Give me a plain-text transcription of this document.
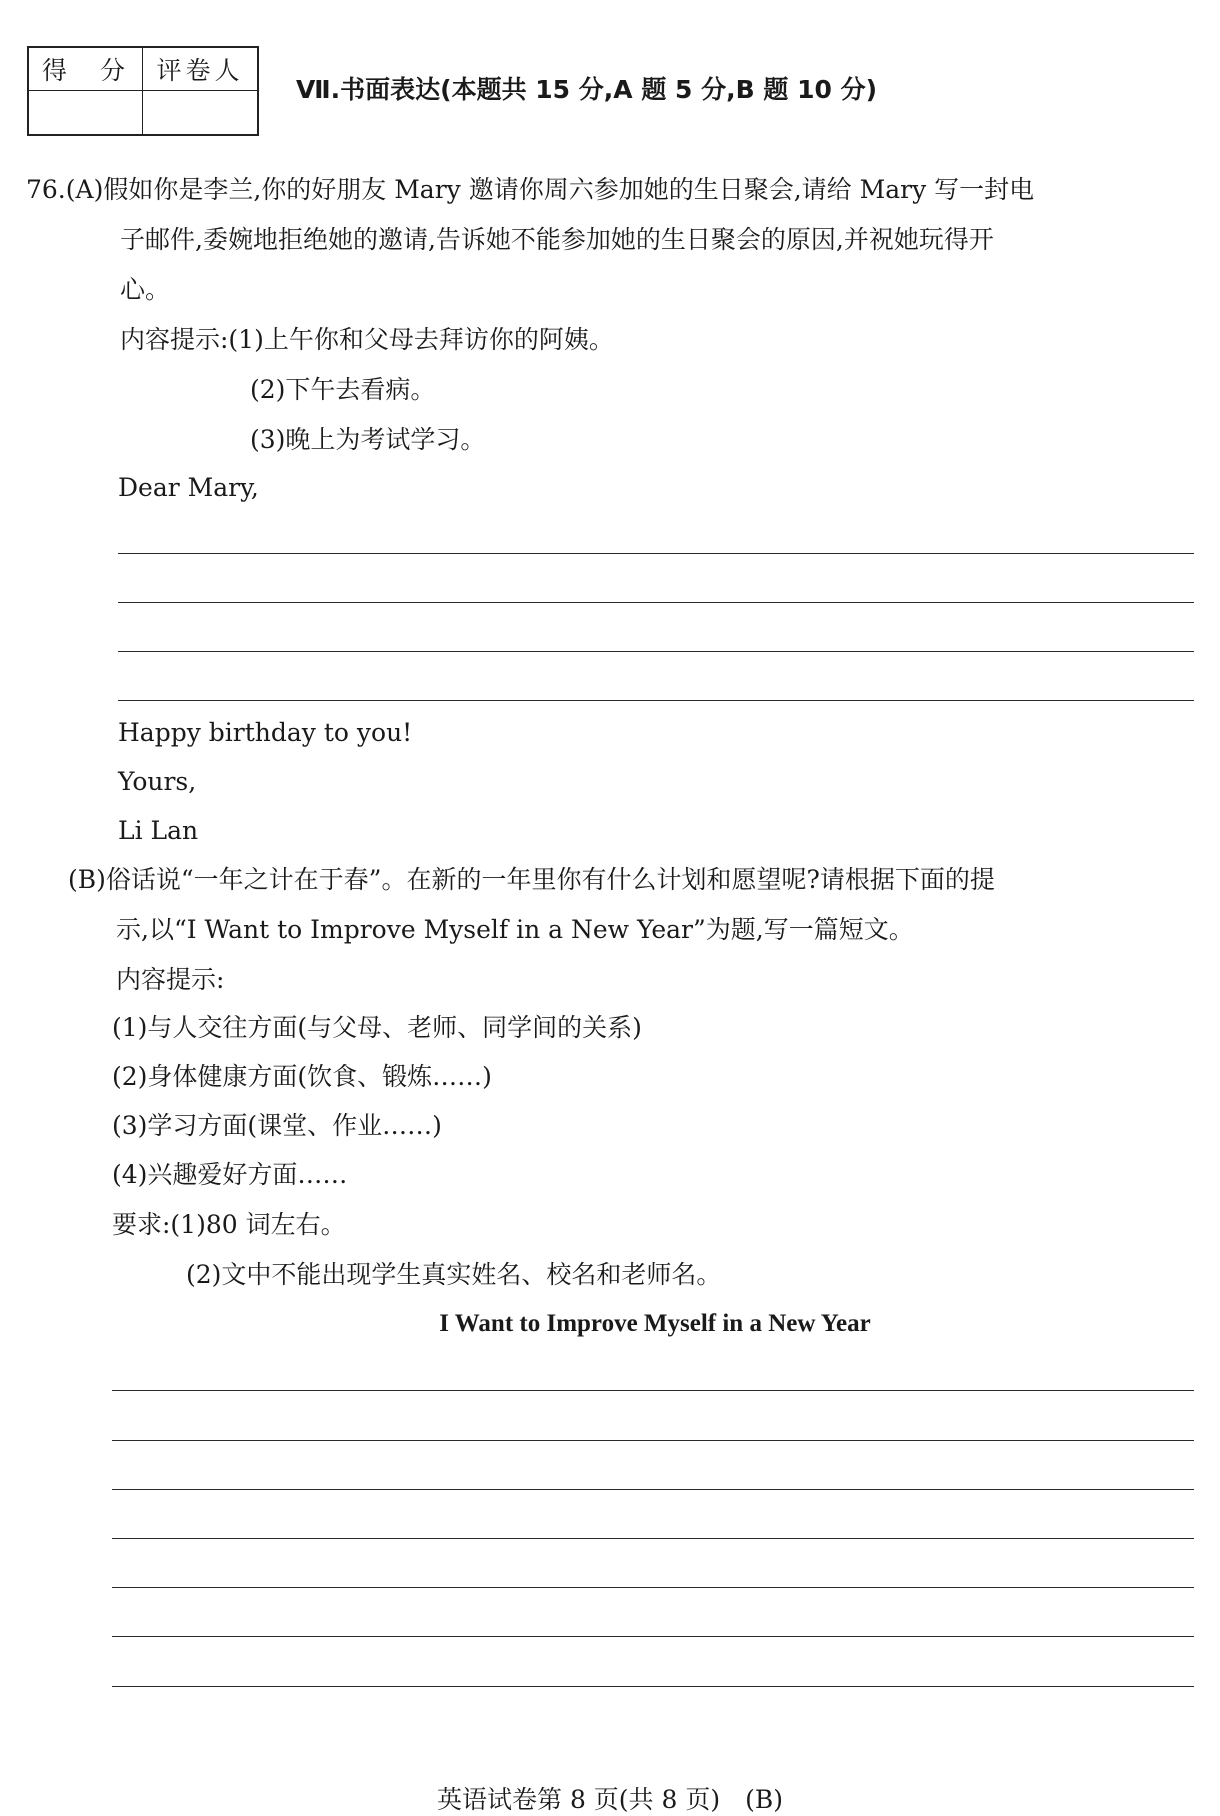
得　分	评卷人
Ⅶ.书面表达(本题共 15 分,A 题 5 分,B 题 10 分)
76.(A)假如你是李兰,你的好朋友 Mary 邀请你周六参加她的生日聚会,请给 Mary 写一封电
子邮件,委婉地拒绝她的邀请,告诉她不能参加她的生日聚会的原因,并祝她玩得开
心。
内容提示:(1)上午你和父母去拜访你的阿姨。
(2)下午去看病。
(3)晚上为考试学习。
Dear Mary,
Happy birthday to you!
Yours,
Li Lan
(B)俗话说“一年之计在于春”。在新的一年里你有什么计划和愿望呢?请根据下面的提
示,以“I Want to Improve Myself in a New Year”为题,写一篇短文。
内容提示:
(1)与人交往方面(与父母、老师、同学间的关系)
(2)身体健康方面(饮食、锻炼……)
(3)学习方面(课堂、作业……)
(4)兴趣爱好方面……
要求:(1)80 词左右。
(2)文中不能出现学生真实姓名、校名和老师名。
I Want to Improve Myself in a New Year
英语试卷第 8 页(共 8 页)　(B)
